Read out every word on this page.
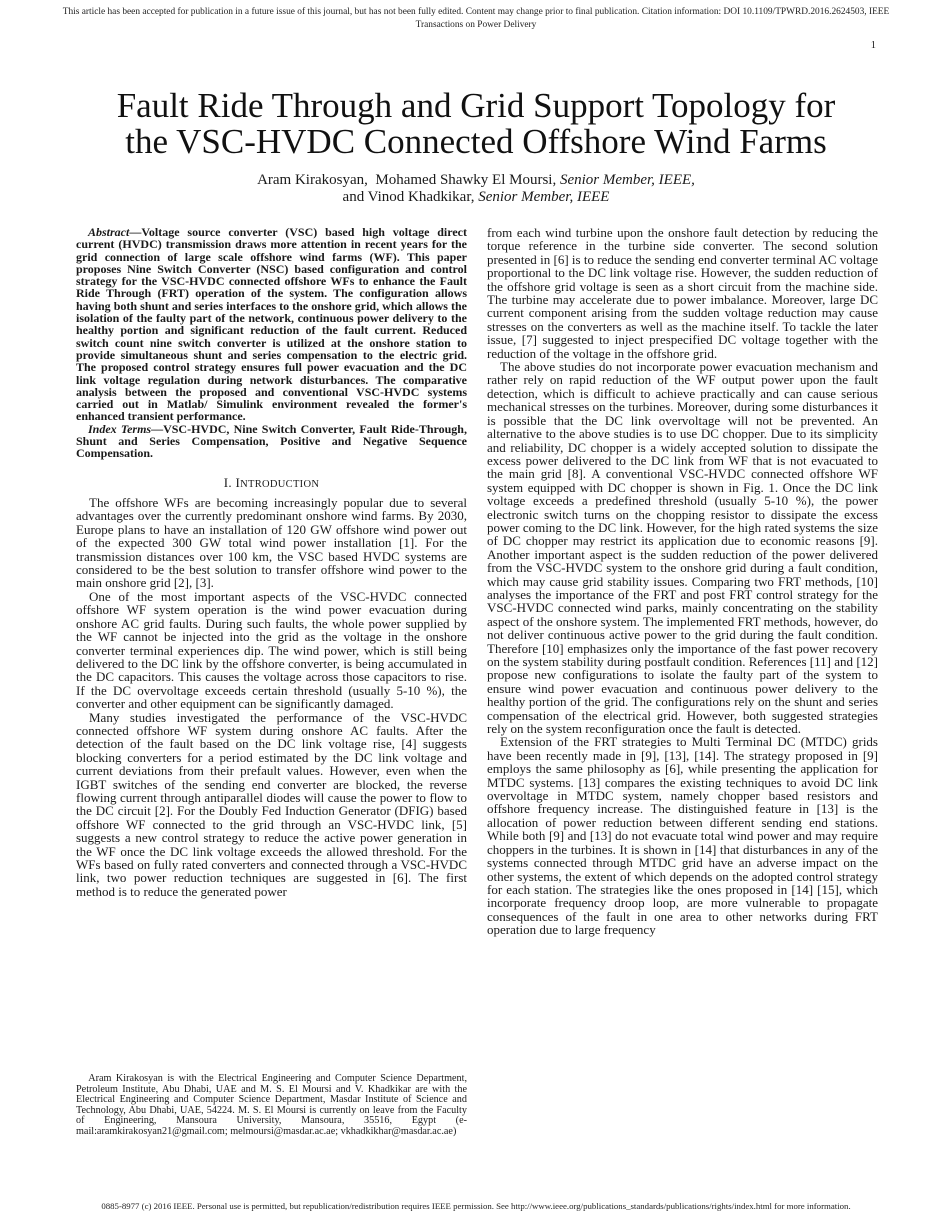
This article has been accepted for publication in a future issue of this journal, but has not been fully edited. Content may change prior to final publication. Citation information: DOI 10.1109/TPWRD.2016.2624503, IEEE
Transactions on Power Delivery
1
Fault Ride Through and Grid Support Topology for
the VSC-HVDC Connected Offshore Wind Farms
Aram Kirakosyan, Mohamed Shawky El Moursi, Senior Member, IEEE,
and Vinod Khadkikar, Senior Member, IEEE

Abstract—Voltage source converter (VSC) based high voltage direct current (HVDC) transmission draws more attention in recent years for the grid connection of large scale offshore wind farms (WF). This paper proposes Nine Switch Converter (NSC) based configuration and control strategy for the VSC-HVDC connected offshore WFs to enhance the Fault Ride Through (FRT) operation of the system. The configuration allows having both shunt and series interfaces to the onshore grid, which allows the isolation of the faulty part of the network, continuous power delivery to the healthy portion and significant reduction of the fault current. Reduced switch count nine switch converter is utilized at the onshore station to provide simultaneous shunt and series compensation to the electric grid. The proposed control strategy ensures full power evacuation and the DC link voltage regulation during network disturbances. The comparative analysis between the proposed and conventional VSC-HVDC systems carried out in Matlab/ Simulink environment revealed the former's enhanced transient performance.

Index Terms—VSC-HVDC, Nine Switch Converter, Fault Ride-Through, Shunt and Series Compensation, Positive and Negative Sequence Compensation.

I. INTRODUCTION

The offshore WFs are becoming increasingly popular due to several advantages over the currently predominant onshore wind farms. By 2030, Europe plans to have an installation of 120 GW offshore wind power out of the expected 300 GW total wind power installation [1]. For the transmission distances over 100 km, the VSC based HVDC systems are considered to be the best solution to transfer offshore wind power to the main onshore grid [2], [3].

One of the most important aspects of the VSC-HVDC connected offshore WF system operation is the wind power evacuation during onshore AC grid faults. During such faults, the whole power supplied by the WF cannot be injected into the grid as the voltage in the onshore converter terminal experiences dip. The wind power, which is still being delivered to the DC link by the offshore converter, is being accumulated in the DC capacitors. This causes the voltage across those capacitors to rise. If the DC overvoltage exceeds certain threshold (usually 5-10 %), the converter and other equipment can be significantly damaged.

Many studies investigated the performance of the VSC-HVDC connected offshore WF system during onshore AC faults. After the detection of the fault based on the DC link voltage rise, [4] suggests blocking converters for a period estimated by the DC link voltage and current deviations from their prefault values. However, even when the IGBT switches of the sending end converter are blocked, the reverse flowing current through antiparallel diodes will cause the power to flow to the DC circuit [2]. For the Doubly Fed Induction Generator (DFIG) based offshore WF connected to the grid through an VSC-HVDC link, [5] suggests a new control strategy to reduce the active power generation in the WF once the DC link voltage exceeds the allowed threshold. For the WFs based on fully rated converters and connected through a VSC-HVDC link, two power reduction techniques are suggested in [6]. The first method is to reduce the generated power

Aram Kirakosyan is with the Electrical Engineering and Computer Science Department, Petroleum Institute, Abu Dhabi, UAE and M. S. El Moursi and V. Khadkikar are with the Electrical Engineering and Computer Science Department, Masdar Institute of Science and Technology, Abu Dhabi, UAE, 54224. M. S. El Moursi is currently on leave from the Faculty of Engineering, Mansoura University, Mansoura, 35516, Egypt (e-mail:aramkirakosyan21@gmail.com; melmoursi@masdar.ac.ae; vkhadkikhar@masdar.ac.ae)

from each wind turbine upon the onshore fault detection by reducing the torque reference in the turbine side converter. The second solution presented in [6] is to reduce the sending end converter terminal AC voltage proportional to the DC link voltage rise. However, the sudden reduction of the offshore grid voltage is seen as a short circuit from the machine side. The turbine may accelerate due to power imbalance. Moreover, large DC current component arising from the sudden voltage reduction may cause stresses on the converters as well as the machine itself. To tackle the later issue, [7] suggested to inject prespecified DC voltage together with the reduction of the voltage in the offshore grid.

The above studies do not incorporate power evacuation mechanism and rather rely on rapid reduction of the WF output power upon the fault detection, which is difficult to achieve practically and can cause serious mechanical stresses on the turbines. Moreover, during some disturbances it is possible that the DC link overvoltage will not be prevented. An alternative to the above studies is to use DC chopper. Due to its simplicity and reliability, DC chopper is a widely accepted solution to dissipate the excess power delivered to the DC link from WF that is not evacuated to the main grid [8]. A conventional VSC-HVDC connected offshore WF system equipped with DC chopper is shown in Fig. 1. Once the DC link voltage exceeds a predefined threshold (usually 5-10 %), the power electronic switch turns on the chopping resistor to dissipate the excess power coming to the DC link. However, for the high rated systems the size of DC chopper may restrict its application due to economic reasons [9]. Another important aspect is the sudden reduction of the power delivered from the VSC-HVDC system to the onshore grid during a fault condition, which may cause grid stability issues. Comparing two FRT methods, [10] analyses the importance of the FRT and post FRT control strategy for the VSC-HVDC connected wind parks, mainly concentrating on the stability aspect of the onshore system. The implemented FRT methods, however, do not deliver continuous active power to the grid during the fault condition. Therefore [10] emphasizes only the importance of the fast power recovery on the system stability during postfault condition. References [11] and [12] propose new configurations to isolate the faulty part of the system to ensure wind power evacuation and continuous power delivery to the healthy portion of the grid. The configurations rely on the shunt and series compensation of the electrical grid. However, both suggested strategies rely on the system reconfiguration once the fault is detected.

Extension of the FRT strategies to Multi Terminal DC (MTDC) grids have been recently made in [9], [13], [14]. The strategy proposed in [9] employs the same philosophy as [6], while presenting the application for MTDC systems. [13] compares the existing techniques to avoid DC link overvoltage in MTDC system, namely chopper based resistors and offshore frequency increase. The distinguished feature in [13] is the allocation of power reduction between different sending end stations. While both [9] and [13] do not evacuate total wind power and may require choppers in the turbines. It is shown in [14] that disturbances in any of the systems connected through MTDC grid have an adverse impact on the other systems, the extent of which depends on the adopted control strategy for each station. The strategies like the ones proposed in [14] [15], which incorporate frequency droop loop, are more vulnerable to propagate consequences of the fault in one area to other networks during FRT operation due to large frequency

0885-8977 (c) 2016 IEEE. Personal use is permitted, but republication/redistribution requires IEEE permission. See http://www.ieee.org/publications_standards/publications/rights/index.html for more information.
